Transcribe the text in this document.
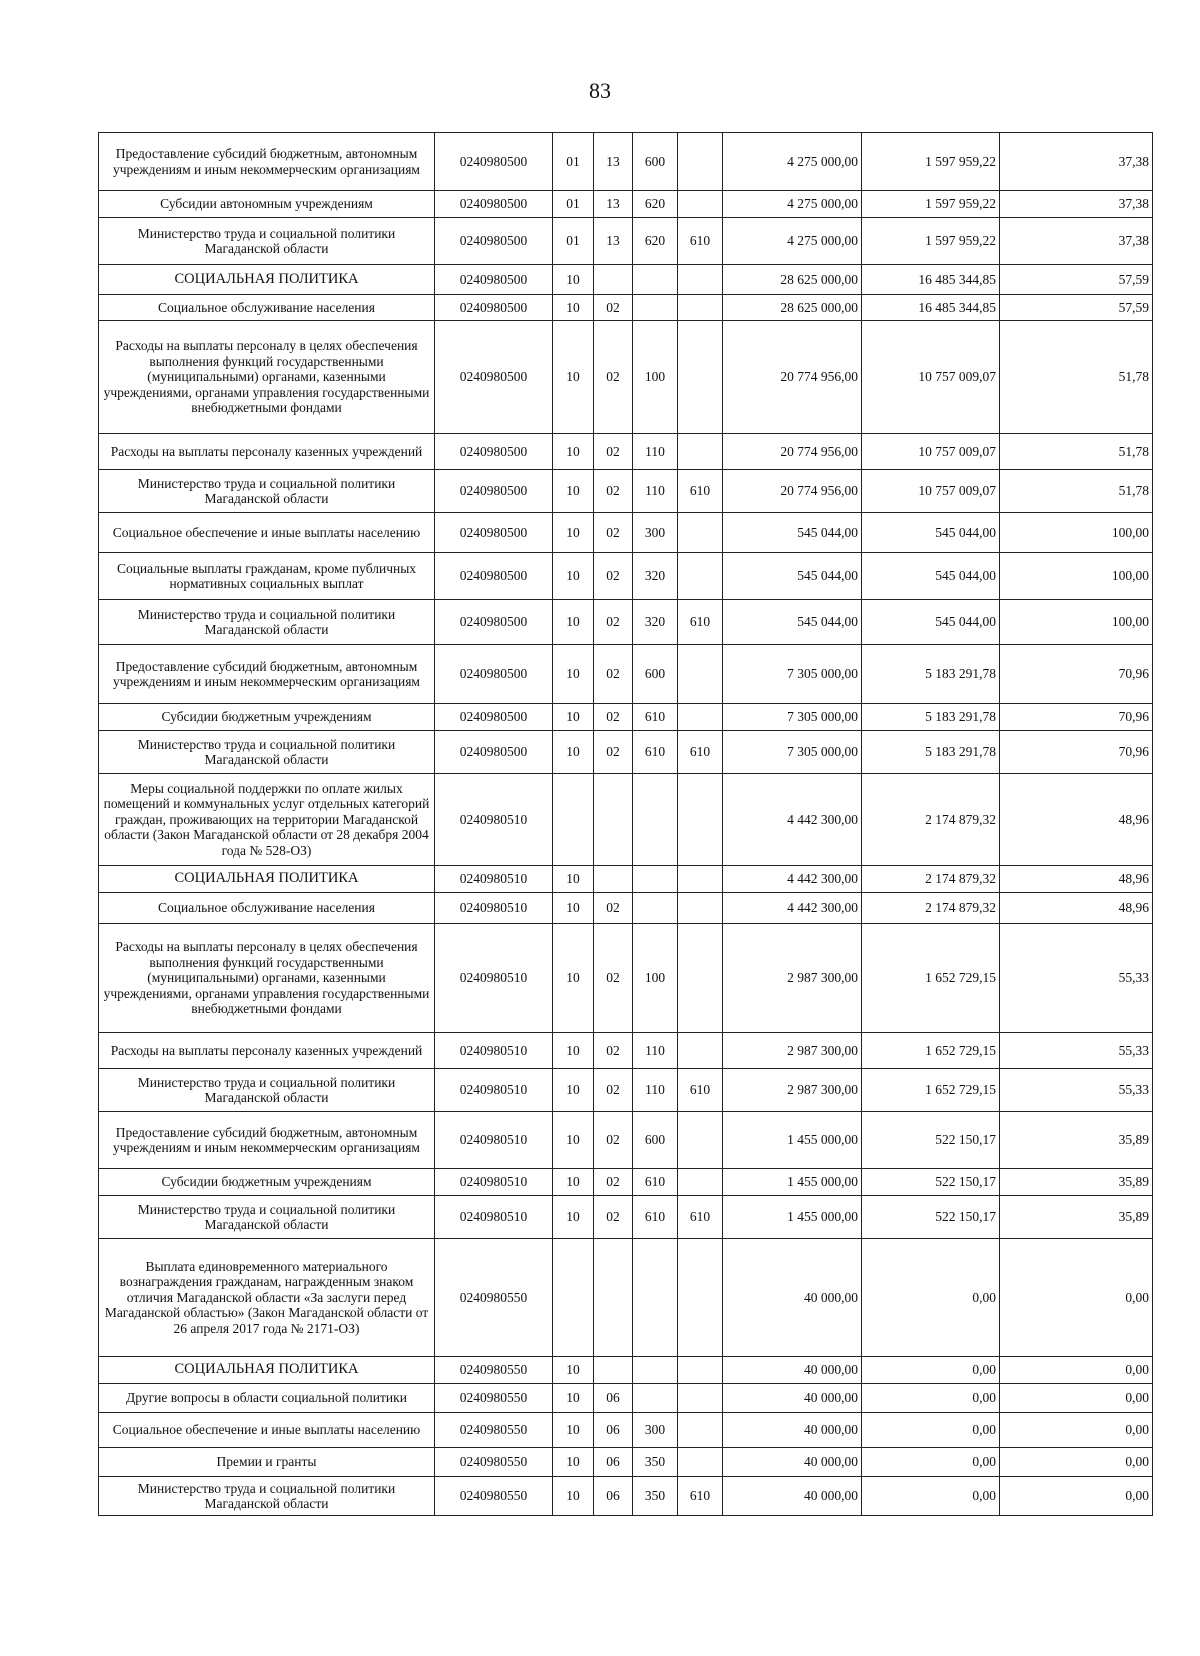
83
Предоставление субсидий бюджетным, автономным учреждениям и иным некоммерческим организациям	0240980500	01	13	600		4 275 000,00	1 597 959,22	37,38
Субсидии автономным учреждениям	0240980500	01	13	620		4 275 000,00	1 597 959,22	37,38
Министерство труда и социальной политики Магаданской области	0240980500	01	13	620	610	4 275 000,00	1 597 959,22	37,38
СОЦИАЛЬНАЯ ПОЛИТИКА	0240980500	10				28 625 000,00	16 485 344,85	57,59
Социальное обслуживание населения	0240980500	10	02			28 625 000,00	16 485 344,85	57,59
Расходы на выплаты персоналу в целях обеспечения выполнения функций государственными (муниципальными) органами, казенными учреждениями, органами управления государственными внебюджетными фондами	0240980500	10	02	100		20 774 956,00	10 757 009,07	51,78
Расходы на выплаты персоналу казенных учреждений	0240980500	10	02	110		20 774 956,00	10 757 009,07	51,78
Министерство труда и социальной политики Магаданской области	0240980500	10	02	110	610	20 774 956,00	10 757 009,07	51,78
Социальное обеспечение и иные выплаты населению	0240980500	10	02	300		545 044,00	545 044,00	100,00
Социальные выплаты гражданам, кроме публичных нормативных социальных выплат	0240980500	10	02	320		545 044,00	545 044,00	100,00
Министерство труда и социальной политики Магаданской области	0240980500	10	02	320	610	545 044,00	545 044,00	100,00
Предоставление субсидий бюджетным, автономным учреждениям и иным некоммерческим организациям	0240980500	10	02	600		7 305 000,00	5 183 291,78	70,96
Субсидии бюджетным учреждениям	0240980500	10	02	610		7 305 000,00	5 183 291,78	70,96
Министерство труда и социальной политики Магаданской области	0240980500	10	02	610	610	7 305 000,00	5 183 291,78	70,96
Меры социальной поддержки по оплате жилых помещений и коммунальных услуг отдельных категорий граждан, проживающих на территории Магаданской области (Закон Магаданской области от 28 декабря 2004 года № 528-ОЗ)	0240980510					4 442 300,00	2 174 879,32	48,96
СОЦИАЛЬНАЯ ПОЛИТИКА	0240980510	10				4 442 300,00	2 174 879,32	48,96
Социальное обслуживание населения	0240980510	10	02			4 442 300,00	2 174 879,32	48,96
Расходы на выплаты персоналу в целях обеспечения выполнения функций государственными (муниципальными) органами, казенными учреждениями, органами управления государственными внебюджетными фондами	0240980510	10	02	100		2 987 300,00	1 652 729,15	55,33
Расходы на выплаты персоналу казенных учреждений	0240980510	10	02	110		2 987 300,00	1 652 729,15	55,33
Министерство труда и социальной политики Магаданской области	0240980510	10	02	110	610	2 987 300,00	1 652 729,15	55,33
Предоставление субсидий бюджетным, автономным учреждениям и иным некоммерческим организациям	0240980510	10	02	600		1 455 000,00	522 150,17	35,89
Субсидии бюджетным учреждениям	0240980510	10	02	610		1 455 000,00	522 150,17	35,89
Министерство труда и социальной политики Магаданской области	0240980510	10	02	610	610	1 455 000,00	522 150,17	35,89
Выплата единовременного материального вознаграждения гражданам, награжденным знаком отличия Магаданской области «За заслуги перед Магаданской областью» (Закон Магаданской области от 26 апреля 2017 года № 2171-ОЗ)	0240980550					40 000,00	0,00	0,00
СОЦИАЛЬНАЯ ПОЛИТИКА	0240980550	10				40 000,00	0,00	0,00
Другие вопросы в области социальной политики	0240980550	10	06			40 000,00	0,00	0,00
Социальное обеспечение и иные выплаты населению	0240980550	10	06	300		40 000,00	0,00	0,00
Премии и гранты	0240980550	10	06	350		40 000,00	0,00	0,00
Министерство труда и социальной политики Магаданской области	0240980550	10	06	350	610	40 000,00	0,00	0,00
